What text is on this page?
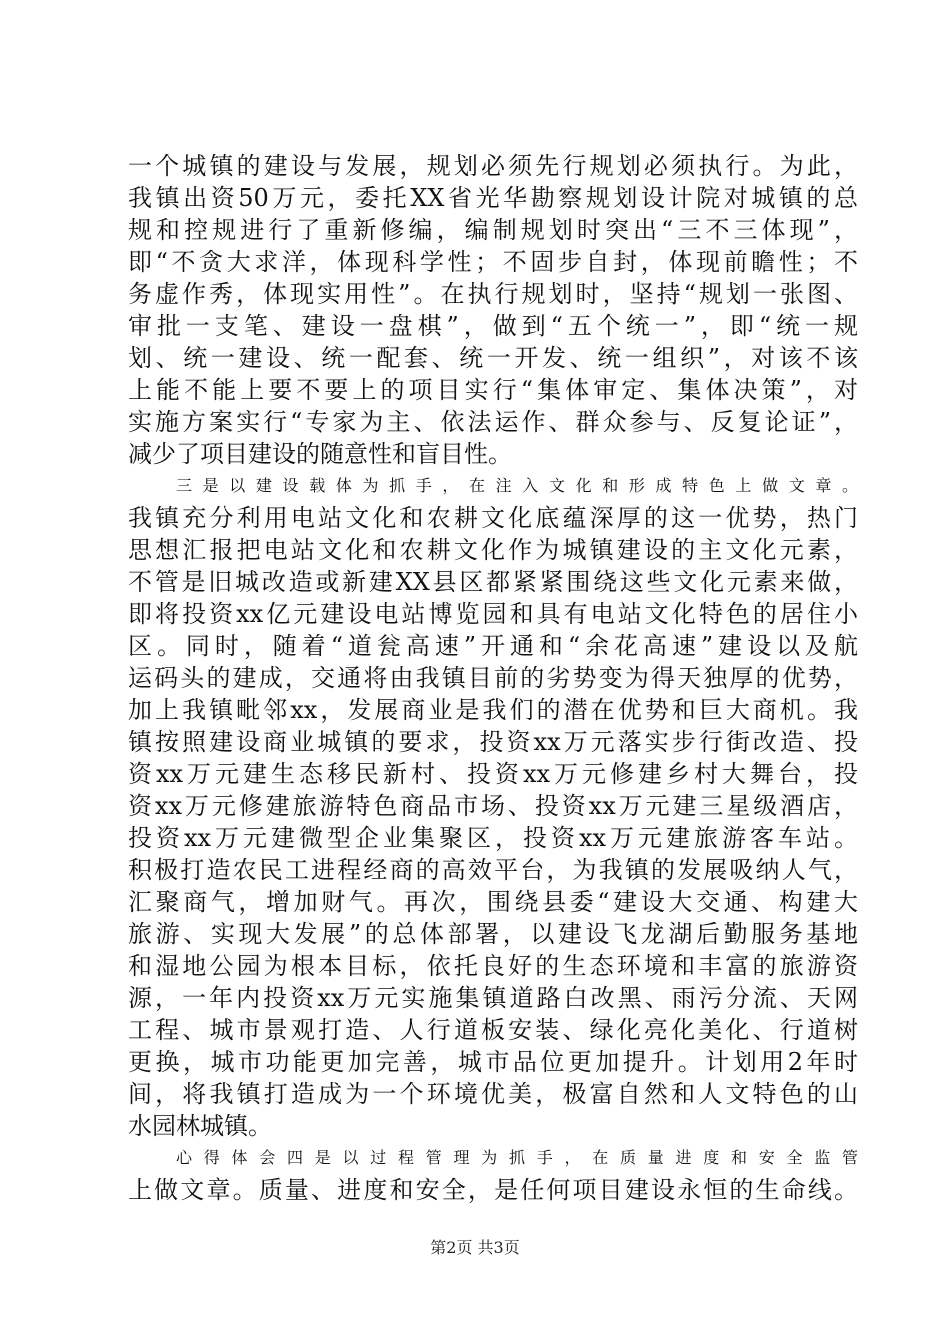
一个城镇的建设与发展，规划必须先行规划必须执行。为此，
我镇出资50万元，委托XX省光华勘察规划设计院对城镇的总
规和控规进行了重新修编，编制规划时突出“三不三体现”，
即“不贪大求洋，体现科学性；不固步自封，体现前瞻性；不
务虚作秀，体现实用性”。在执行规划时，坚持“规划一张图、
审批一支笔、建设一盘棋”，做到“五个统一”，即“统一规
划、统一建设、统一配套、统一开发、统一组织”，对该不该
上能不能上要不要上的项目实行“集体审定、集体决策”，对
实施方案实行“专家为主、依法运作、群众参与、反复论证”，
减少了项目建设的随意性和盲目性。
三是以建设载体为抓手，在注入文化和形成特色上做文章。
我镇充分利用电站文化和农耕文化底蕴深厚的这一优势，热门
思想汇报把电站文化和农耕文化作为城镇建设的主文化元素，
不管是旧城改造或新建XX县区都紧紧围绕这些文化元素来做，
即将投资xx亿元建设电站博览园和具有电站文化特色的居住小
区。同时，随着“道瓮高速”开通和“余花高速”建设以及航
运码头的建成，交通将由我镇目前的劣势变为得天独厚的优势，
加上我镇毗邻xx，发展商业是我们的潜在优势和巨大商机。我
镇按照建设商业城镇的要求，投资xx万元落实步行街改造、投
资xx万元建生态移民新村、投资xx万元修建乡村大舞台，投
资xx万元修建旅游特色商品市场、投资xx万元建三星级酒店，
投资xx万元建微型企业集聚区，投资xx万元建旅游客车站。
积极打造农民工进程经商的高效平台，为我镇的发展吸纳人气，
汇聚商气，增加财气。再次，围绕县委“建设大交通、构建大
旅游、实现大发展”的总体部署，以建设飞龙湖后勤服务基地
和湿地公园为根本目标，依托良好的生态环境和丰富的旅游资
源，一年内投资xx万元实施集镇道路白改黑、雨污分流、天网
工程、城市景观打造、人行道板安装、绿化亮化美化、行道树
更换，城市功能更加完善，城市品位更加提升。计划用2年时
间，将我镇打造成为一个环境优美，极富自然和人文特色的山
水园林城镇。
心得体会四是以过程管理为抓手，在质量进度和安全监管
上做文章。质量、进度和安全，是任何项目建设永恒的生命线。
第2页 共3页
